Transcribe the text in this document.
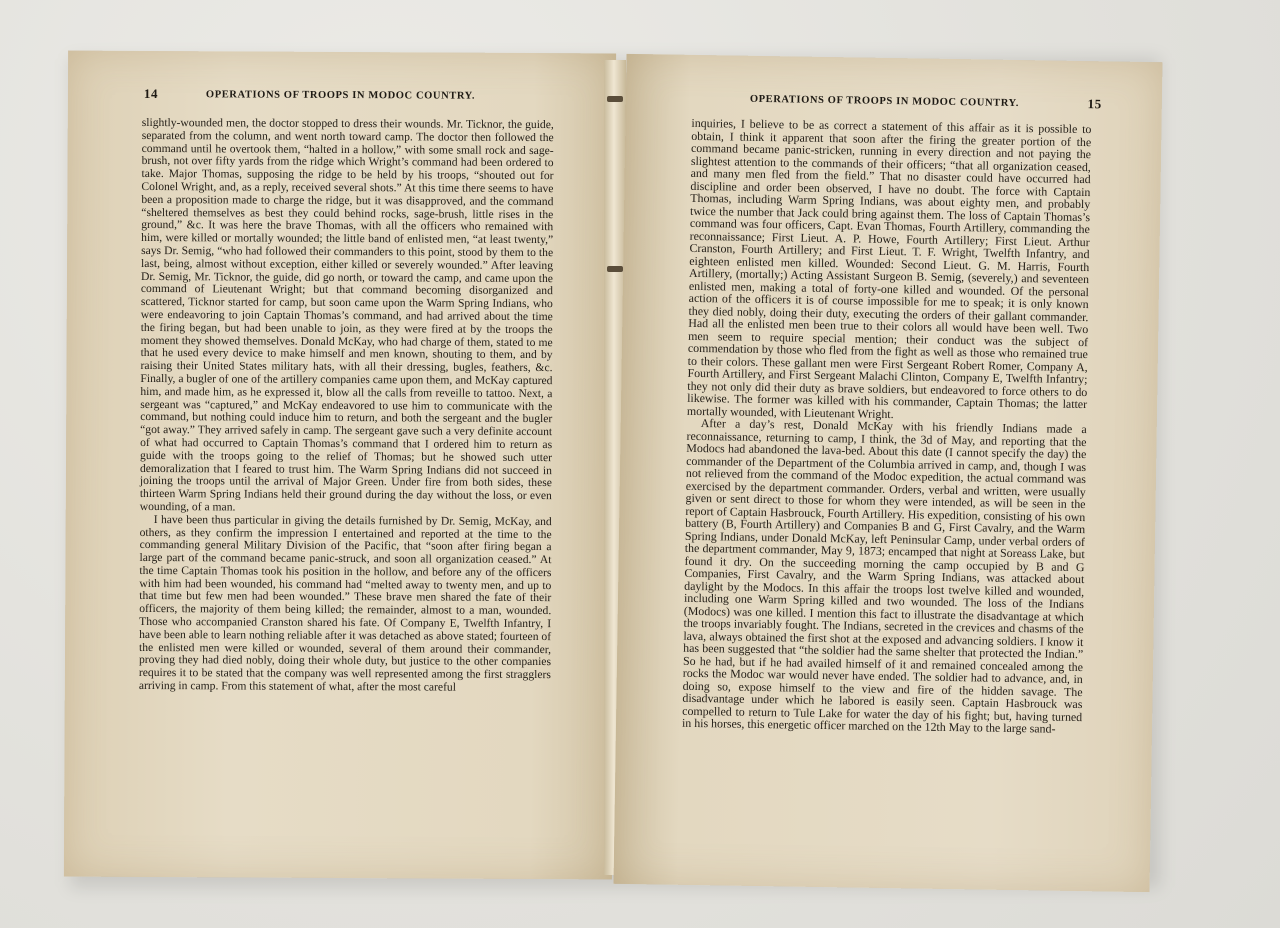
14	OPERATIONS OF TROOPS IN MODOC COUNTRY.

slightly-wounded men, the doctor stopped to dress their wounds. Mr. Ticknor, the guide, separated from the column, and went north toward camp. The doctor then followed the command until he overtook them, “halted in a hollow,” with some small rock and sage-brush, not over fifty yards from the ridge which Wright’s command had been ordered to take. Major Thomas, supposing the ridge to be held by his troops, “shouted out for Colonel Wright, and, as a reply, received several shots.” At this time there seems to have been a proposition made to charge the ridge, but it was disapproved, and the command “sheltered themselves as best they could behind rocks, sage-brush, little rises in the ground,” &c. It was here the brave Thomas, with all the officers who remained with him, were killed or mortally wounded; the little band of enlisted men, “at least twenty,” says Dr. Semig, “who had followed their commanders to this point, stood by them to the last, being, almost without exception, either killed or severely wounded.” After leaving Dr. Semig, Mr. Ticknor, the guide, did go north, or toward the camp, and came upon the command of Lieutenant Wright; but that command becoming disorganized and scattered, Ticknor started for camp, but soon came upon the Warm Spring Indians, who were endeavoring to join Captain Thomas’s command, and had arrived about the time the firing began, but had been unable to join, as they were fired at by the troops the moment they showed themselves. Donald McKay, who had charge of them, stated to me that he used every device to make himself and men known, shouting to them, and by raising their United States military hats, with all their dressing, bugles, feathers, &c. Finally, a bugler of one of the artillery companies came upon them, and McKay captured him, and made him, as he expressed it, blow all the calls from reveille to tattoo. Next, a sergeant was “captured,” and McKay endeavored to use him to communicate with the command, but nothing could induce him to return, and both the sergeant and the bugler “got away.” They arrived safely in camp. The sergeant gave such a very definite account of what had occurred to Captain Thomas’s command that I ordered him to return as guide with the troops going to the relief of Thomas; but he showed such utter demoralization that I feared to trust him. The Warm Spring Indians did not succeed in joining the troops until the arrival of Major Green. Under fire from both sides, these thirteen Warm Spring Indians held their ground during the day without the loss, or even wounding, of a man.

I have been thus particular in giving the details furnished by Dr. Semig, McKay, and others, as they confirm the impression I entertained and reported at the time to the commanding general Military Division of the Pacific, that “soon after firing began a large part of the command became panic-struck, and soon all organization ceased.” At the time Captain Thomas took his position in the hollow, and before any of the officers with him had been wounded, his command had “melted away to twenty men, and up to that time but few men had been wounded.” These brave men shared the fate of their officers, the majority of them being killed; the remainder, almost to a man, wounded. Those who accompanied Cranston shared his fate. Of Company E, Twelfth Infantry, I have been able to learn nothing reliable after it was detached as above stated; fourteen of the enlisted men were killed or wounded, several of them around their commander, proving they had died nobly, doing their whole duty, but justice to the other companies requires it to be stated that the company was well represented among the first stragglers arriving in camp. From this statement of what, after the most careful

OPERATIONS OF TROOPS IN MODOC COUNTRY.	15

inquiries, I believe to be as correct a statement of this affair as it is possible to obtain, I think it apparent that soon after the firing the greater portion of the command became panic-stricken, running in every direction and not paying the slightest attention to the commands of their officers; “that all organization ceased, and many men fled from the field.” That no disaster could have occurred had discipline and order been observed, I have no doubt. The force with Captain Thomas, including Warm Spring Indians, was about eighty men, and probably twice the number that Jack could bring against them. The loss of Captain Thomas’s command was four officers, Capt. Evan Thomas, Fourth Artillery, commanding the reconnaissance; First Lieut. A. P. Howe, Fourth Artillery; First Lieut. Arthur Cranston, Fourth Artillery; and First Lieut. T. F. Wright, Twelfth Infantry, and eighteen enlisted men killed. Wounded: Second Lieut. G. M. Harris, Fourth Artillery, (mortally;) Acting Assistant Surgeon B. Semig, (severely,) and seventeen enlisted men, making a total of forty-one killed and wounded. Of the personal action of the officers it is of course impossible for me to speak; it is only known they died nobly, doing their duty, executing the orders of their gallant commander. Had all the enlisted men been true to their colors all would have been well. Two men seem to require special mention; their conduct was the subject of commendation by those who fled from the fight as well as those who remained true to their colors. These gallant men were First Sergeant Robert Romer, Company A, Fourth Artillery, and First Sergeant Malachi Clinton, Company E, Twelfth Infantry; they not only did their duty as brave soldiers, but endeavored to force others to do likewise. The former was killed with his commander, Captain Thomas; the latter mortally wounded, with Lieutenant Wright.

After a day’s rest, Donald McKay with his friendly Indians made a reconnaissance, returning to camp, I think, the 3d of May, and reporting that the Modocs had abandoned the lava-bed. About this date (I cannot specify the day) the commander of the Department of the Columbia arrived in camp, and, though I was not relieved from the command of the Modoc expedition, the actual command was exercised by the department commander. Orders, verbal and written, were usually given or sent direct to those for whom they were intended, as will be seen in the report of Captain Hasbrouck, Fourth Artillery. His expedition, consisting of his own battery (B, Fourth Artillery) and Companies B and G, First Cavalry, and the Warm Spring Indians, under Donald McKay, left Peninsular Camp, under verbal orders of the department commander, May 9, 1873; encamped that night at Soreass Lake, but found it dry. On the succeeding morning the camp occupied by B and G Companies, First Cavalry, and the Warm Spring Indians, was attacked about daylight by the Modocs. In this affair the troops lost twelve killed and wounded, including one Warm Spring killed and two wounded. The loss of the Indians (Modocs) was one killed. I mention this fact to illustrate the disadvantage at which the troops invariably fought. The Indians, secreted in the crevices and chasms of the lava, always obtained the first shot at the exposed and advancing soldiers. I know it has been suggested that “the soldier had the same shelter that protected the Indian.” So he had, but if he had availed himself of it and remained concealed among the rocks the Modoc war would never have ended. The soldier had to advance, and, in doing so, expose himself to the view and fire of the hidden savage. The disadvantage under which he labored is easily seen. Captain Hasbrouck was compelled to return to Tule Lake for water the day of his fight; but, having turned in his horses, this energetic officer marched on the 12th May to the large sand-
